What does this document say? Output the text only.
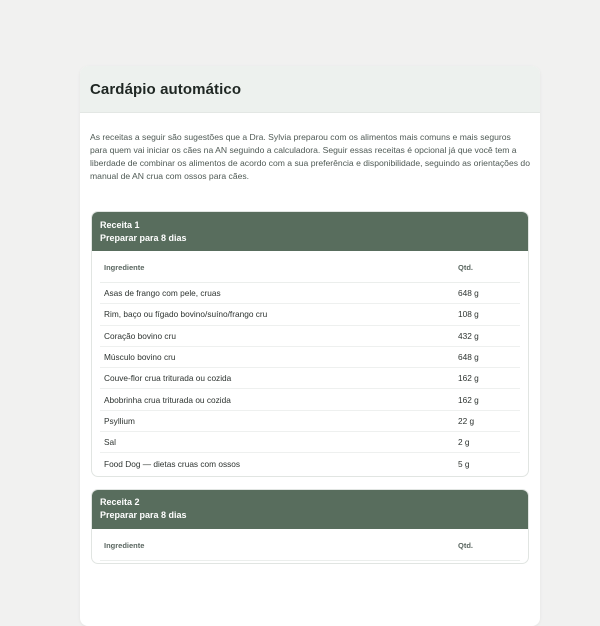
Cardápio automático

As receitas a seguir são sugestões que a Dra. Sylvia preparou com os alimentos mais comuns e mais seguros para quem vai iniciar os cães na AN seguindo a calculadora. Seguir essas receitas é opcional já que você tem a liberdade de combinar os alimentos de acordo com a sua preferência e disponibilidade, seguindo as orientações do manual de AN crua com ossos para cães.

Receita 1
Preparar para 8 dias
Ingrediente	Qtd.
Asas de frango com pele, cruas	648 g
Rim, baço ou fígado bovino/suíno/frango cru	108 g
Coração bovino cru	432 g
Músculo bovino cru	648 g
Couve-flor crua triturada ou cozida	162 g
Abobrinha crua triturada ou cozida	162 g
Psyllium	22 g
Sal	2 g
Food Dog — dietas cruas com ossos	5 g
Receita 2
Preparar para 8 dias
Ingrediente	Qtd.
